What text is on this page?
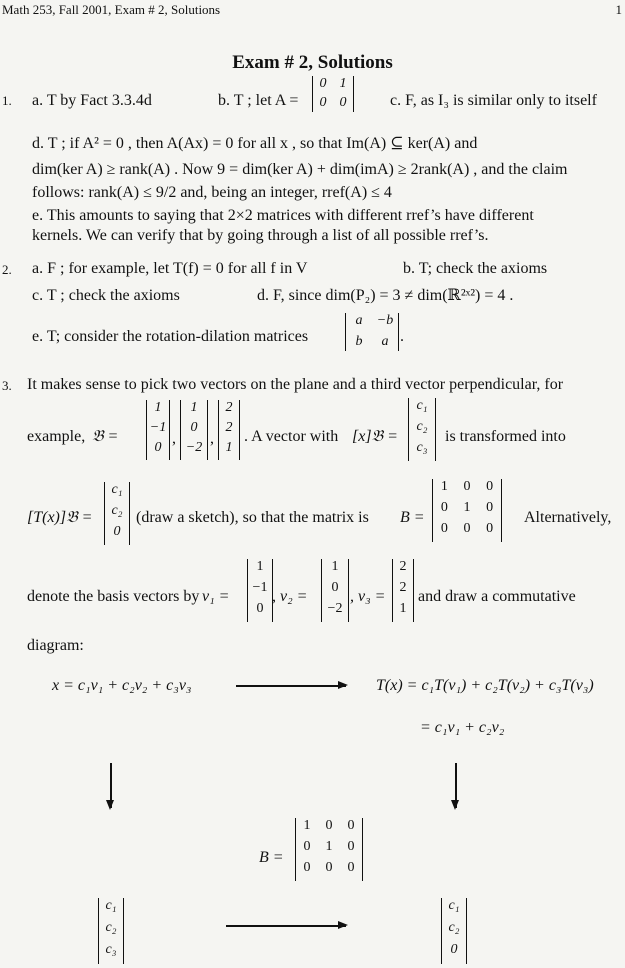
Math 253, Fall 2001, Exam # 2, Solutions	1
Exam # 2, Solutions
1. a. T by Fact 3.3.4d	b. T ; let A =
0 1
0 0	c. F, as I₃ is similar only to itself
d. T ; if A² = 0 , then A(Ax) = 0 for all x , so that Im(A) ⊆ ker(A) and
dim(ker A) ≥ rank(A) . Now 9 = dim(ker A) + dim(imA) ≥ 2rank(A) , and the claim
follows: rank(A) ≤ 9/2 and, being an integer, rref(A) ≤ 4
e. This amounts to saying that 2×2 matrices with different rref’s have different
kernels. We can verify that by going through a list of all possible rref’s.
2. a. F ; for example, let T(f) = 0 for all f in V	b. T; check the axioms
c. T ; check the axioms	d. F, since dim(P₂) = 3 ≠ dim(ℝ²ˣ²) = 4 .
e. T; consider the rotation-dilation matrices
a	−b
b	a .
3. It makes sense to pick two vectors on the plane and a third vector perpendicular, for
example, 𝔅 =
1
−1
0
,
1
0
−2
,
2
2
1
. A vector with [x]𝔅 =
c₁
c₂
c₃
is transformed into
[T(x)]𝔅 =
c₁
c₂
0
(draw a sketch), so that the matrix is B =
1	0	0
0	1	0
0	0	0
Alternatively,
denote the basis vectors by v₁ =
1
−1
0
, v₂ =
1
0
−2
, v₃ =
2
2
1
and draw a commutative
diagram:
x = c₁v₁ + c₂v₂ + c₃v₃	T(x) = c₁T(v₁) + c₂T(v₂) + c₃T(v₃)
= c₁v₁ + c₂v₂
B =
1	0	0
0	1	0
0	0	0
c₁
c₂
c₃
c₁
c₂
0
